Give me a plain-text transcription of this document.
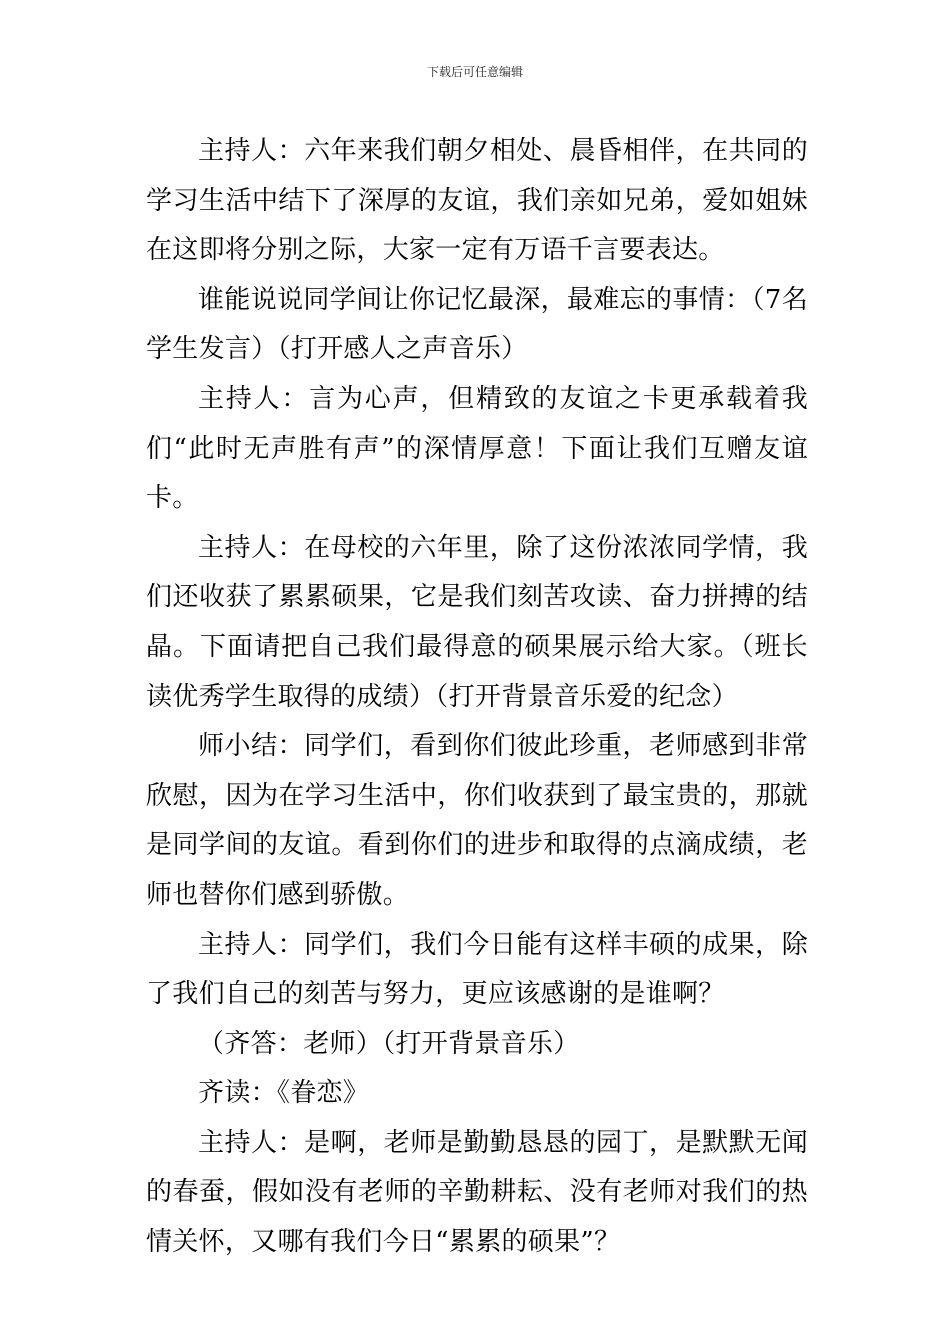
下载后可任意编辑

主持人：六年来我们朝夕相处、晨昏相伴，在共同的学习生活中结下了深厚的友谊，我们亲如兄弟，爱如姐妹在这即将分别之际，大家一定有万语千言要表达。

谁能说说同学间让你记忆最深，最难忘的事情：（7名学生发言）（打开感人之声音乐）

主持人：言为心声，但精致的友谊之卡更承载着我们“此时无声胜有声”的深情厚意！下面让我们互赠友谊卡。

主持人：在母校的六年里，除了这份浓浓同学情，我们还收获了累累硕果，它是我们刻苦攻读、奋力拼搏的结晶。下面请把自己我们最得意的硕果展示给大家。（班长读优秀学生取得的成绩）（打开背景音乐爱的纪念）

师小结：同学们，看到你们彼此珍重，老师感到非常欣慰，因为在学习生活中，你们收获到了最宝贵的，那就是同学间的友谊。看到你们的进步和取得的点滴成绩，老师也替你们感到骄傲。

主持人：同学们，我们今日能有这样丰硕的成果，除了我们自己的刻苦与努力，更应该感谢的是谁啊？

（齐答：老师）（打开背景音乐）

齐读：《眷恋》

主持人：是啊，老师是勤勤恳恳的园丁，是默默无闻的春蚕，假如没有老师的辛勤耕耘、没有老师对我们的热情关怀，又哪有我们今日“累累的硕果”？
